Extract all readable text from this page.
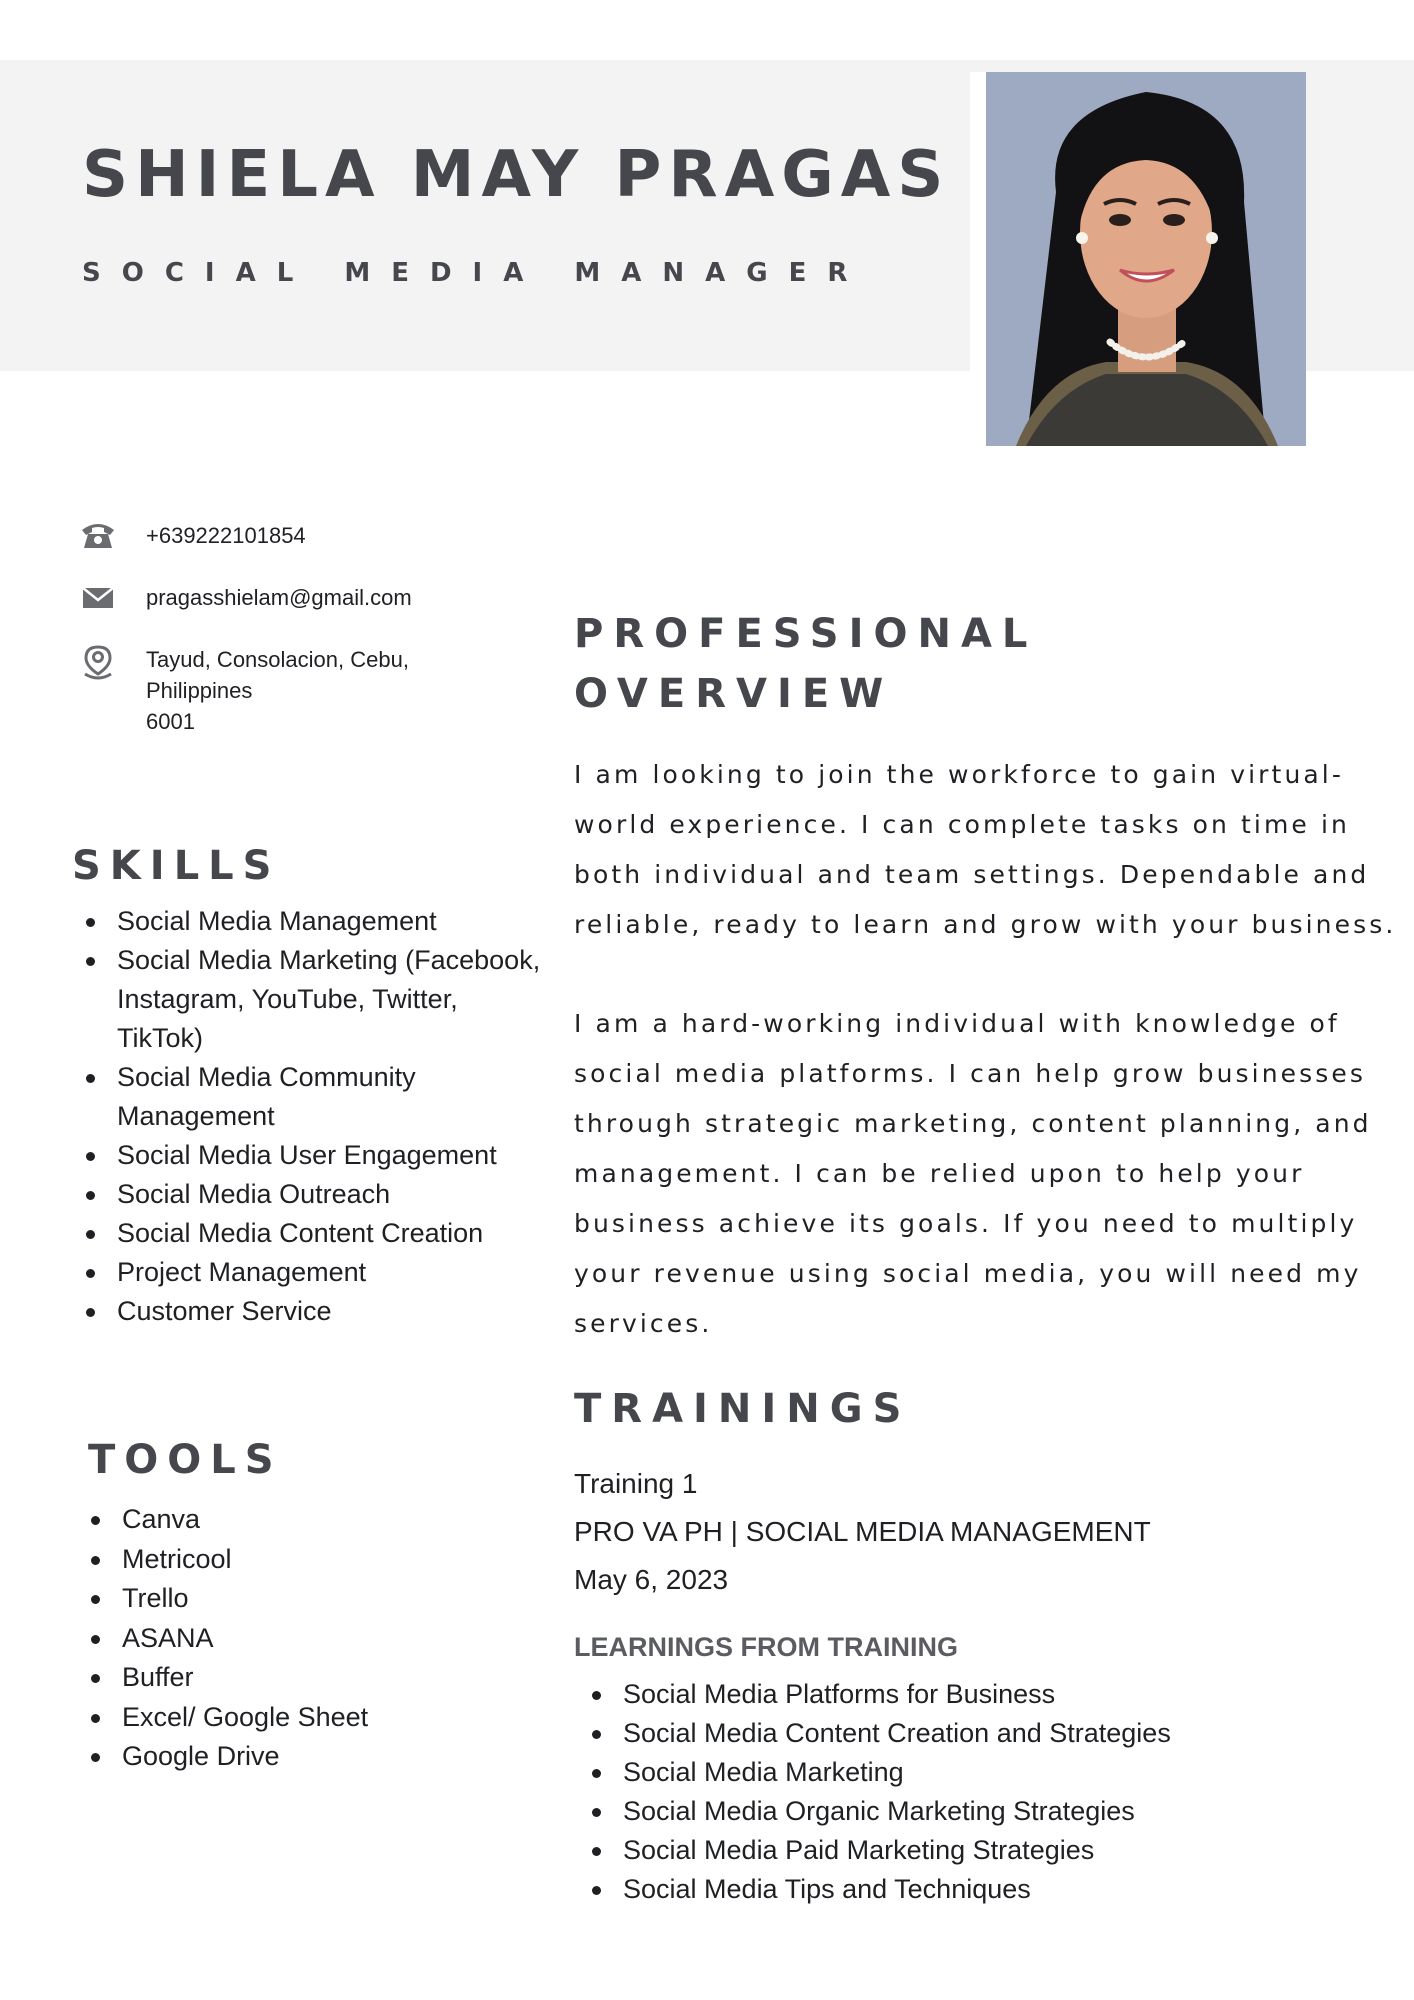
SHIELA MAY PRAGAS
SOCIAL MEDIA MANAGER
+639222101854
pragasshielam@gmail.com
Tayud, Consolacion, Cebu,
Philippines
6001
SKILLS
Social Media Management
Social Media Marketing (Facebook, Instagram, YouTube, Twitter, TikTok)
Social Media Community Management
Social Media User Engagement
Social Media Outreach
Social Media Content Creation
Project Management
Customer Service
TOOLS
Canva
Metricool
Trello
ASANA
Buffer
Excel/ Google Sheet
Google Drive
PROFESSIONAL
OVERVIEW
I am looking to join the workforce to gain virtual-world experience. I can complete tasks on time in both individual and team settings. Dependable and reliable, ready to learn and grow with your business.
I am a hard-working individual with knowledge of social media platforms. I can help grow businesses through strategic marketing, content planning, and management. I can be relied upon to help your business achieve its goals. If you need to multiply your revenue using social media, you will need my services.
TRAININGS
Training 1
PRO VA PH | SOCIAL MEDIA MANAGEMENT
May 6, 2023
LEARNINGS FROM TRAINING
Social Media Platforms for Business
Social Media Content Creation and Strategies
Social Media Marketing
Social Media Organic Marketing Strategies
Social Media Paid Marketing Strategies
Social Media Tips and Techniques
